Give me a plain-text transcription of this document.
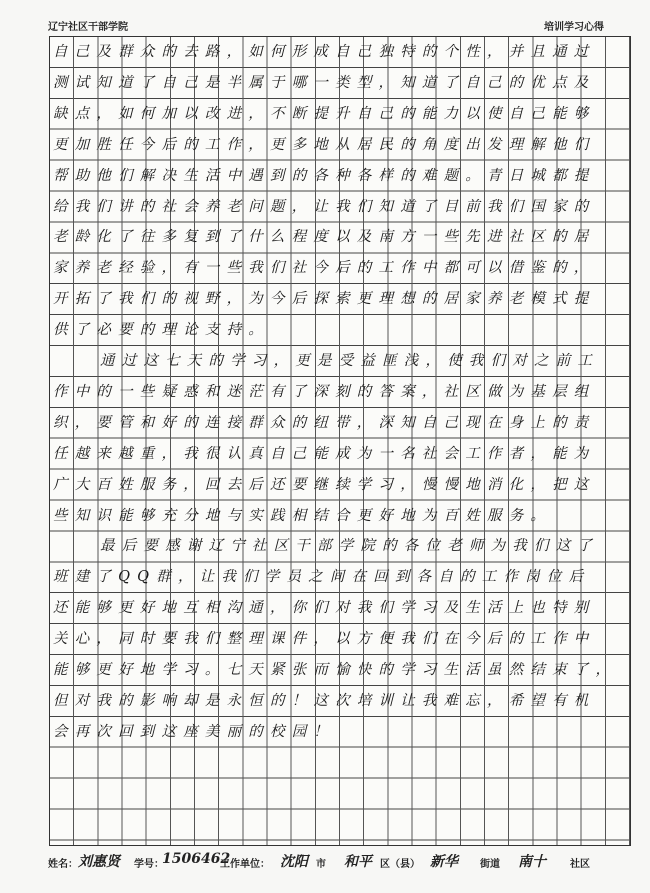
辽宁社区干部学院	培训学习心得
自己及群众的去路，如何形成自己独特的个性，并且通过
测试知道了自己是半属于哪一类型，知道了自己的优点及
缺点，如何加以改进，不断提升自己的能力以使自己能够
更加胜任今后的工作，更多地从居民的角度出发理解他们
帮助他们解决生活中遇到的各种各样的难题。青日城都提
给我们讲的社会养老问题，让我们知道了目前我们国家的
老龄化了往多复到了什么程度以及南方一些先进社区的居
家养老经验，有一些我们社今后的工作中都可以借鉴的，
开拓了我们的视野，为今后探索更理想的居家养老模式提
供了必要的理论支持。
通过这七天的学习，更是受益匪浅，使我们对之前工
作中的一些疑惑和迷茫有了深刻的答案，社区做为基层组
织，要管和好的连接群众的纽带，深知自己现在身上的责
任越来越重，我很认真自己能成为一名社会工作者，能为
广大百姓服务，回去后还要继续学习，慢慢地消化，把这
些知识能够充分地与实践相结合更好地为百姓服务。
最后要感谢辽宁社区干部学院的各位老师为我们这了
班建了QQ群，让我们学员之间在回到各自的工作岗位后
还能够更好地互相沟通，你们对我们学习及生活上也特别
关心，同时要我们整理课件，以方便我们在今后的工作中
能够更好地学习。七天紧张而愉快的学习生活虽然结束了，
但对我的影响却是永恒的！这次培训让我难忘，希望有机
会再次回到这座美丽的校园！
姓名： 刘惠贤 学号：
1506462
工作单位： 沈阳 市 和平 区（县） 新华 街道 南十 社区
